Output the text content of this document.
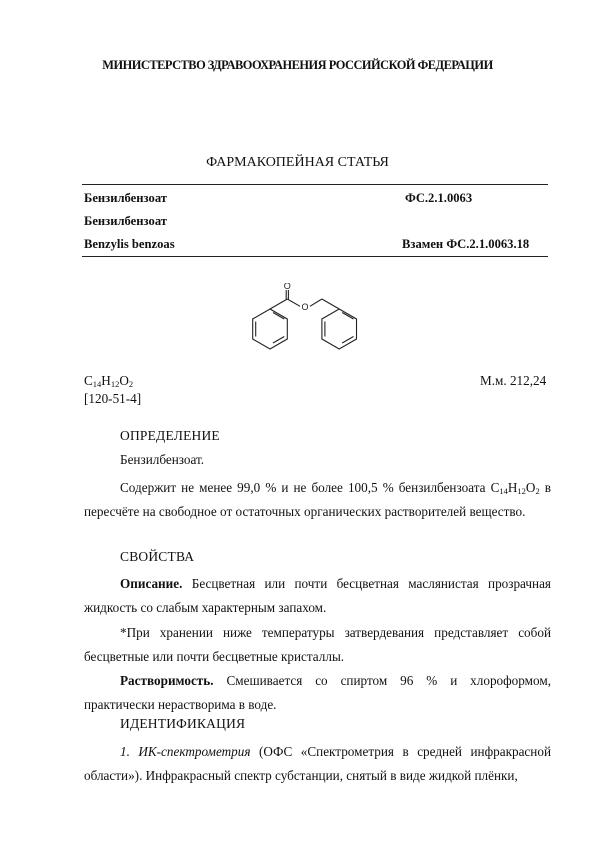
МИНИСТЕРСТВО ЗДРАВООХРАНЕНИЯ РОССИЙСКОЙ ФЕДЕРАЦИИ
ФАРМАКОПЕЙНАЯ СТАТЬЯ
Бензилбензоат	ФС.2.1.0063
Бензилбензоат
Benzylis benzoas	Взамен ФС.2.1.0063.18
O
O
$C_{14}H_{12}O_2$	М.м. 212,24
[120-51-4]
ОПРЕДЕЛЕНИЕ
Бензилбензоат.
Содержит не менее 99,0 % и не более 100,5 % бензилбензоата $C_{14}H_{12}O_2$ в пересчёте на свободное от остаточных органических растворителей вещество.
СВОЙСТВА
Описание. Бесцветная или почти бесцветная маслянистая прозрачная жидкость со слабым характерным запахом.
*При хранении ниже температуры затвердевания представляет собой бесцветные или почти бесцветные кристаллы.
Растворимость. Смешивается со спиртом 96 % и хлороформом, практически нерастворима в воде.
ИДЕНТИФИКАЦИЯ
1. ИК-спектрометрия (ОФС «Спектрометрия в средней инфракрасной области»). Инфракрасный спектр субстанции, снятый в виде жидкой плёнки,
